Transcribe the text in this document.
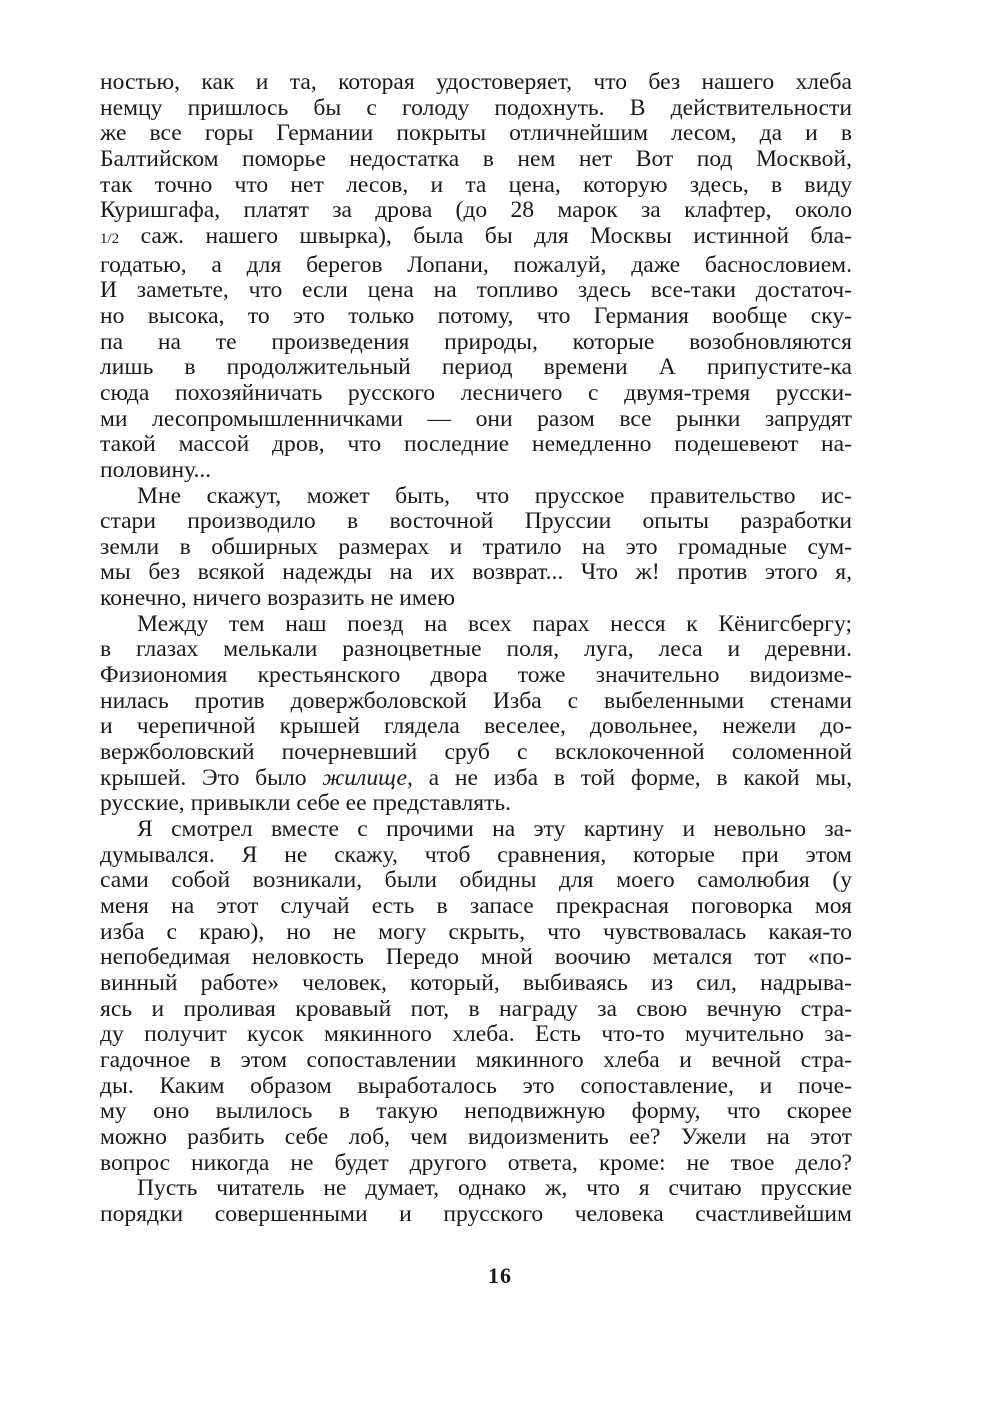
ностью, как и та, которая удостоверяет, что без нашего хлеба
немцу пришлось бы с голоду подохнуть. В действительности
же все горы Германии покрыты отличнейшим лесом, да и в
Балтийском поморье недостатка в нем нет Вот под Москвой,
так точно что нет лесов, и та цена, которую здесь, в виду
Куришгафа, платят за дрова (до 28 марок за клафтер, около
1/2 саж. нашего швырка), была бы для Москвы истинной бла-
годатью, а для берегов Лопани, пожалуй, даже баснословием.
И заметьте, что если цена на топливо здесь все-таки достаточ-
но высока, то это только потому, что Германия вообще ску-
па на те произведения природы, которые возобновляются
лишь в продолжительный период времени А припустите-ка
сюда похозяйничать русского лесничего с двумя-тремя русски-
ми лесопромышленничками — они разом все рынки запрудят
такой массой дров, что последние немедленно подешевеют на-
половину...
Мне скажут, может быть, что прусское правительство ис-
стари производило в восточной Пруссии опыты разработки
земли в обширных размерах и тратило на это громадные сум-
мы без всякой надежды на их возврат... Что ж! против этого я,
конечно, ничего возразить не имею
Между тем наш поезд на всех парах несся к Кёнигсбергу;
в глазах мелькали разноцветные поля, луга, леса и деревни.
Физиономия крестьянского двора тоже значительно видоизме-
нилась против довержболовской Изба с выбеленными стенами
и черепичной крышей глядела веселее, довольнее, нежели до-
вержболовский почерневший сруб с всклокоченной соломенной
крышей. Это было жилище, а не изба в той форме, в какой мы,
русские, привыкли себе ее представлять.
Я смотрел вместе с прочими на эту картину и невольно за-
думывался. Я не скажу, чтоб сравнения, которые при этом
сами собой возникали, были обидны для моего самолюбия (у
меня на этот случай есть в запасе прекрасная поговорка моя
изба с краю), но не могу скрыть, что чувствовалась какая-то
непобедимая неловкость Передо мной воочию метался тот «по-
винный работе» человек, который, выбиваясь из сил, надрыва-
ясь и проливая кровавый пот, в награду за свою вечную стра-
ду получит кусок мякинного хлеба. Есть что-то мучительно за-
гадочное в этом сопоставлении мякинного хлеба и вечной стра-
ды. Каким образом выработалось это сопоставление, и поче-
му оно вылилось в такую неподвижную форму, что скорее
можно разбить себе лоб, чем видоизменить ее? Ужели на этот
вопрос никогда не будет другого ответа, кроме: не твое дело?
Пусть читатель не думает, однако ж, что я считаю прусские
порядки совершенными и прусского человека счастливейшим
16
